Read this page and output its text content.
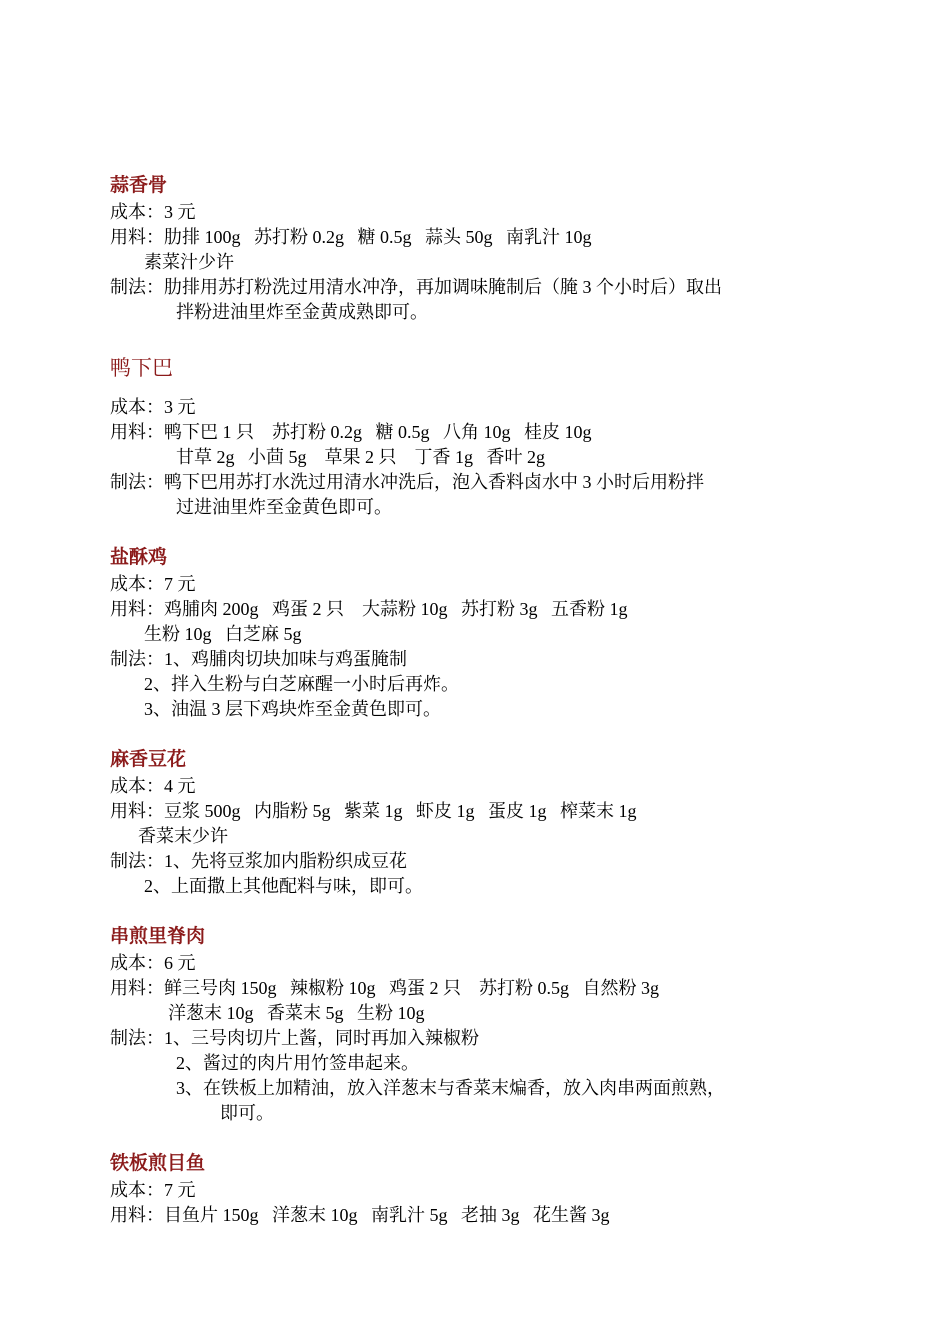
蒜香骨
成本：3 元
用料：肋排 100g   苏打粉 0.2g   糖 0.5g   蒜头 50g   南乳汁 10g
素菜汁少许
制法：肋排用苏打粉洗过用清水冲净，再加调味腌制后（腌 3 个小时后）取出
拌粉进油里炸至金黄成熟即可。
鸭下巴
成本：3 元
用料：鸭下巴 1 只    苏打粉 0.2g   糖 0.5g   八角 10g   桂皮 10g
甘草 2g   小茴 5g    草果 2 只    丁香 1g   香叶 2g
制法：鸭下巴用苏打水洗过用清水冲洗后，泡入香料卤水中 3 小时后用粉拌
过进油里炸至金黄色即可。
盐酥鸡
成本：7 元
用料：鸡脯肉 200g   鸡蛋 2 只    大蒜粉 10g   苏打粉 3g   五香粉 1g
生粉 10g   白芝麻 5g
制法：1、鸡脯肉切块加味与鸡蛋腌制
2、拌入生粉与白芝麻醒一小时后再炸。
3、油温 3 层下鸡块炸至金黄色即可。
麻香豆花
成本：4 元
用料：豆浆 500g   内脂粉 5g   紫菜 1g   虾皮 1g   蛋皮 1g   榨菜末 1g
香菜末少许
制法：1、先将豆浆加内脂粉织成豆花
2、上面撒上其他配料与味，即可。
串煎里脊肉
成本：6 元
用料：鲜三号肉 150g   辣椒粉 10g   鸡蛋 2 只    苏打粉 0.5g   自然粉 3g
洋葱末 10g   香菜末 5g   生粉 10g
制法：1、三号肉切片上酱，同时再加入辣椒粉
2、酱过的肉片用竹签串起来。
3、在铁板上加精油，放入洋葱末与香菜末煸香，放入肉串两面煎熟，
即可。
铁板煎目鱼
成本：7 元
用料：目鱼片 150g   洋葱末 10g   南乳汁 5g   老抽 3g   花生酱 3g
